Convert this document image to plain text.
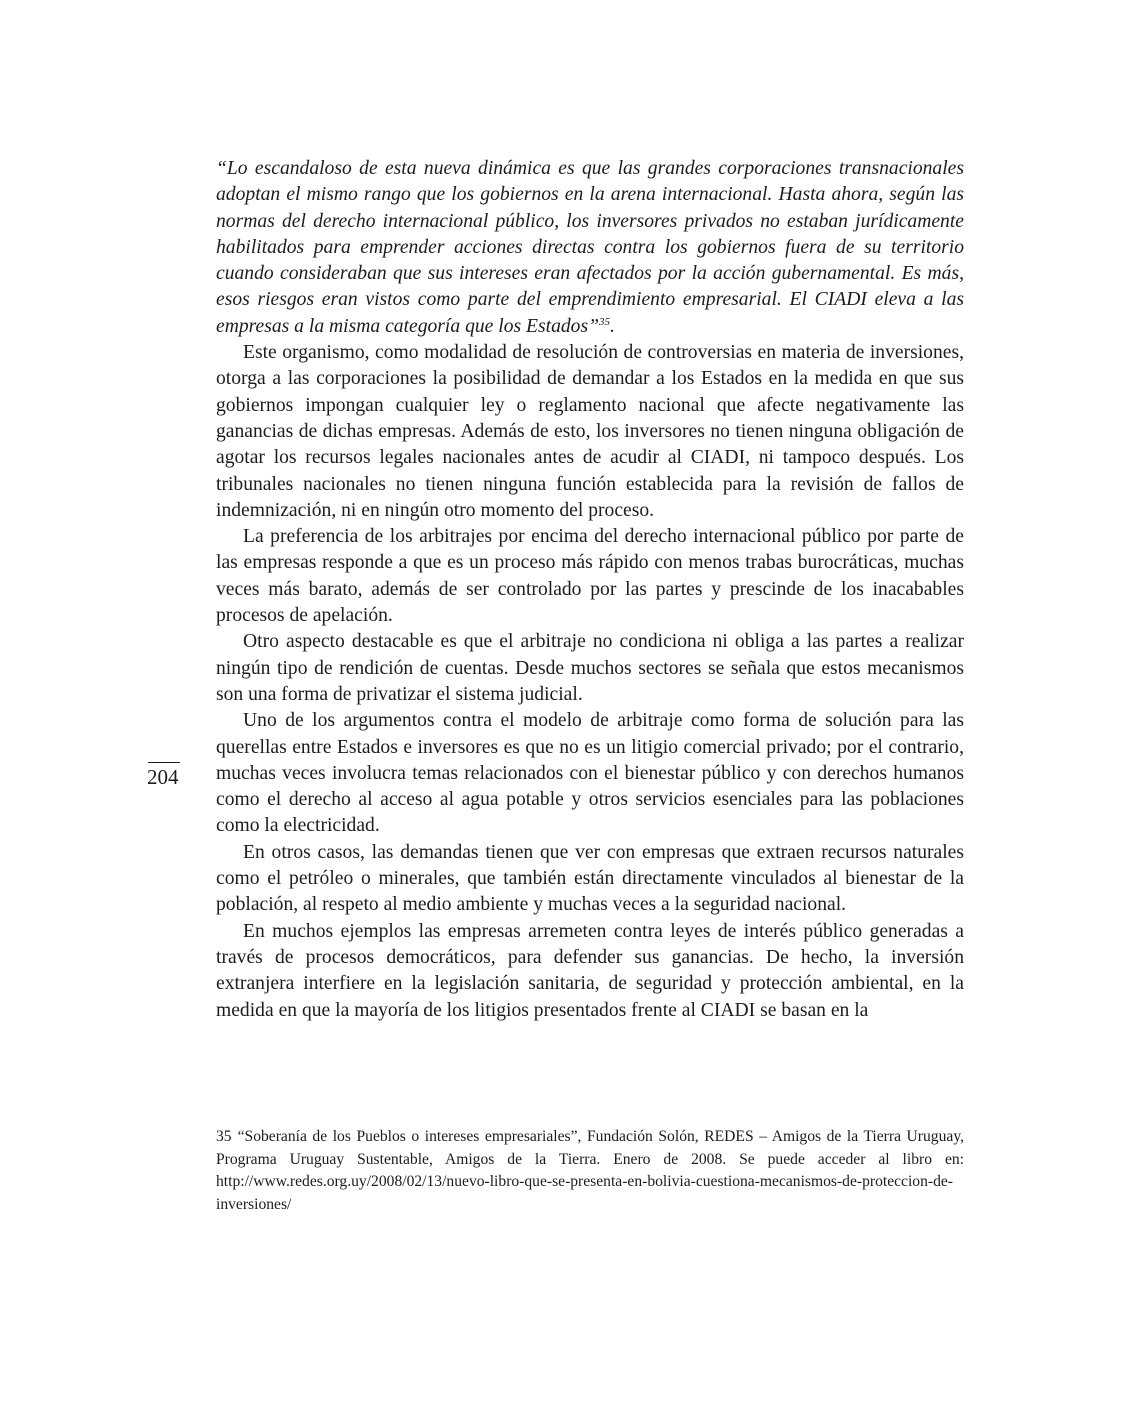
“Lo escandaloso de esta nueva dinámica es que las grandes corporaciones transnacionales adoptan el mismo rango que los gobiernos en la arena internacional. Hasta ahora, según las normas del derecho internacional público, los inversores privados no estaban jurídicamente habilitados para emprender acciones directas contra los gobiernos fuera de su territorio cuando consideraban que sus intereses eran afectados por la acción gubernamental. Es más, esos riesgos eran vistos como parte del emprendimiento empresarial. El CIADI eleva a las empresas a la misma categoría que los Estados”$^{35}$.

Este organismo, como modalidad de resolución de controversias en materia de inversiones, otorga a las corporaciones la posibilidad de demandar a los Estados en la medida en que sus gobiernos impongan cualquier ley o reglamento nacional que afecte negativamente las ganancias de dichas empresas. Además de esto, los inversores no tienen ninguna obligación de agotar los recursos legales nacionales antes de acudir al CIADI, ni tampoco después. Los tribunales nacionales no tienen ninguna función establecida para la revisión de fallos de indemnización, ni en ningún otro momento del proceso.

La preferencia de los arbitrajes por encima del derecho internacional público por parte de las empresas responde a que es un proceso más rápido con menos trabas burocráticas, muchas veces más barato, además de ser controlado por las partes y prescinde de los inacabables procesos de apelación.

Otro aspecto destacable es que el arbitraje no condiciona ni obliga a las partes a realizar ningún tipo de rendición de cuentas. Desde muchos sectores se señala que estos mecanismos son una forma de privatizar el sistema judicial.

Uno de los argumentos contra el modelo de arbitraje como forma de solución para las querellas entre Estados e inversores es que no es un litigio comercial privado; por el contrario, muchas veces involucra temas relacionados con el bienestar público y con derechos humanos como el derecho al acceso al agua potable y otros servicios esenciales para las poblaciones como la electricidad.

En otros casos, las demandas tienen que ver con empresas que extraen recursos naturales como el petróleo o minerales, que también están directamente vinculados al bienestar de la población, al respeto al medio ambiente y muchas veces a la seguridad nacional.

En muchos ejemplos las empresas arremeten contra leyes de interés público generadas a través de procesos democráticos, para defender sus ganancias. De hecho, la inversión extranjera interfiere en la legislación sanitaria, de seguridad y protección ambiental, en la medida en que la mayoría de los litigios presentados frente al CIADI se basan en la

204

35 “Soberanía de los Pueblos o intereses empresariales”, Fundación Solón, REDES – Amigos de la Tierra Uruguay, Programa Uruguay Sustentable, Amigos de la Tierra. Enero de 2008. Se puede acceder al libro en: http://www.redes.org.uy/2008/02/13/nuevo-libro-que-se-presenta-en-bolivia-cuestiona-mecanismos-de-proteccion-de-inversiones/
